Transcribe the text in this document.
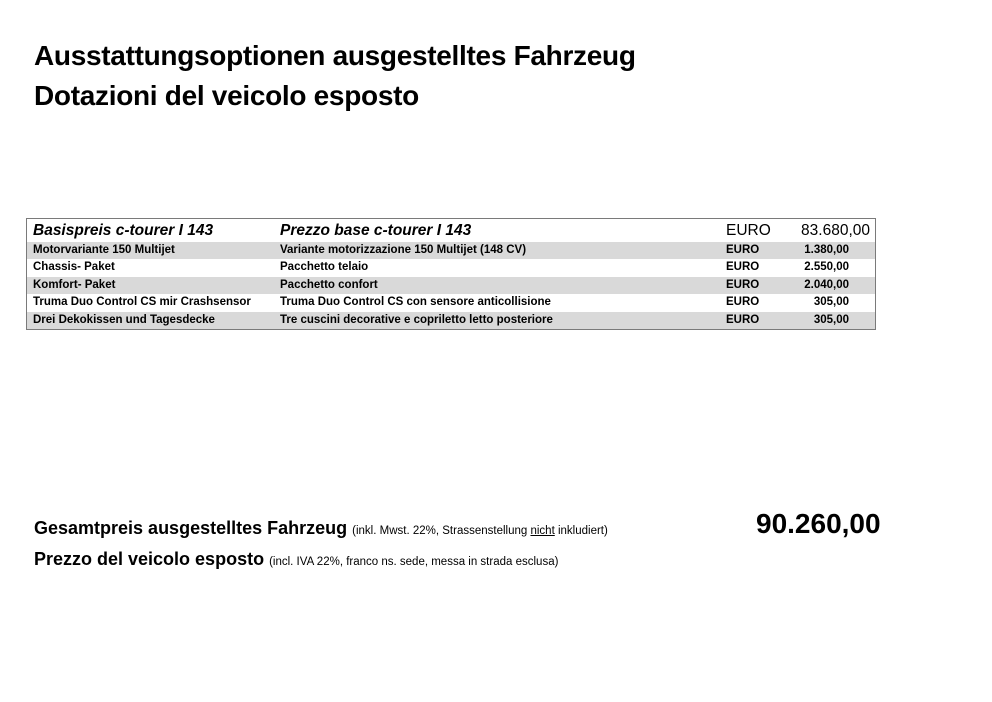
Ausstattungsoptionen ausgestelltes Fahrzeug
Dotazioni del veicolo esposto
Basispreis c-tourer I 143	Prezzo base c-tourer I 143	EURO 83.680,00
Motorvariante 150 Multijet	Variante motorizzazione 150 Multijet (148 CV)	EURO	1.380,00
Chassis- Paket	Pacchetto telaio	EURO	2.550,00
Komfort- Paket	Pacchetto confort	EURO	2.040,00
Truma Duo Control CS mir Crashsensor	Truma Duo Control CS con sensore anticollisione	EURO	305,00
Drei Dekokissen und Tagesdecke	Tre cuscini decorative e copriletto letto posteriore	EURO	305,00
Gesamtpreis ausgestelltes Fahrzeug (inkl. Mwst. 22%, Strassenstellung nicht inkludiert)
Prezzo del veicolo esposto (incl. IVA 22%, franco ns. sede, messa in strada esclusa)
90.260,00
